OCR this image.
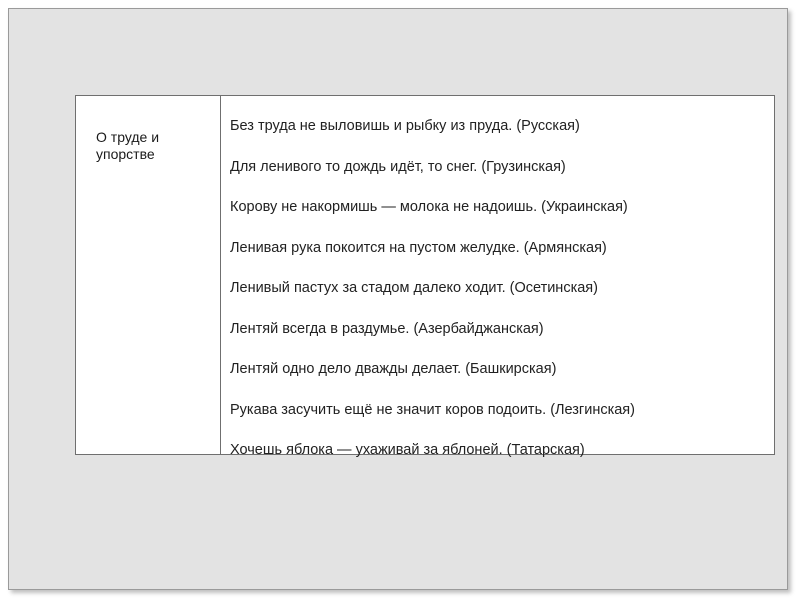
О труде и упорстве
Без труда не выловишь и рыбку из пруда. (Русская)
Для ленивого то дождь идёт, то снег. (Грузинская)
Корову не накормишь — молока не надоишь. (Украинская)
Ленивая рука покоится на пустом желудке. (Армянская)
Ленивый пастух за стадом далеко ходит. (Осетинская)
Лентяй всегда в раздумье. (Азербайджанская)
Лентяй одно дело дважды делает. (Башкирская)
Рукава засучить ещё не значит коров подоить. (Лезгинская)
Хочешь яблока — ухаживай за яблоней. (Татарская)
